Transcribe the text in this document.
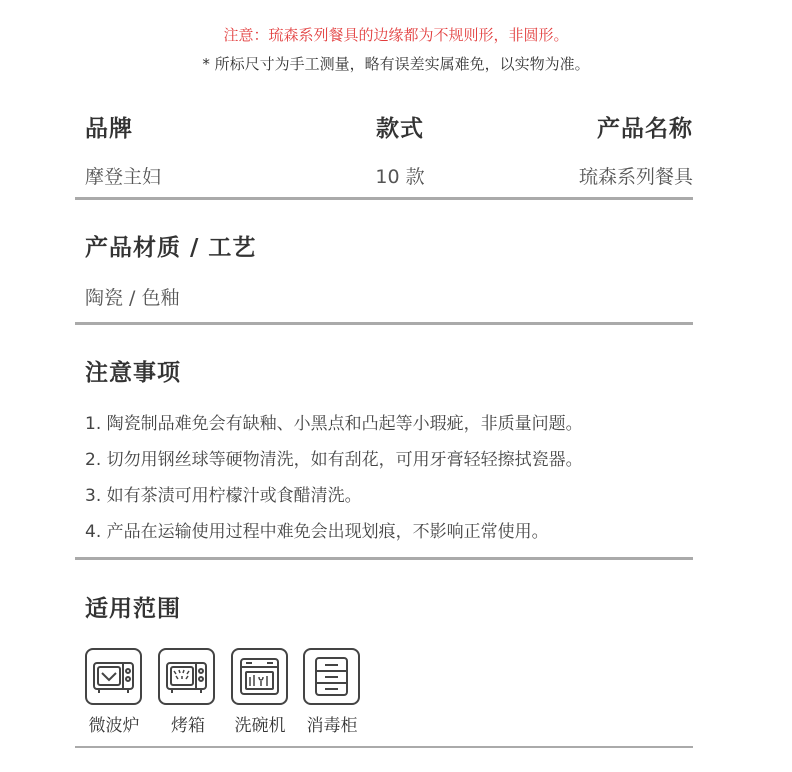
注意：琉森系列餐具的边缘都为不规则形，非圆形。
* 所标尺寸为手工测量，略有误差实属难免，以实物为准。
品牌	款式	产品名称
摩登主妇	10 款	琉森系列餐具
产品材质 / 工艺
陶瓷 / 色釉
注意事项
1. 陶瓷制品难免会有缺釉、小黑点和凸起等小瑕疵，非质量问题。
2. 切勿用钢丝球等硬物清洗，如有刮花，可用牙膏轻轻擦拭瓷器。
3. 如有茶渍可用柠檬汁或食醋清洗。
4. 产品在运输使用过程中难免会出现划痕，不影响正常使用。
适用范围
微波炉	烤箱	洗碗机	消毒柜
